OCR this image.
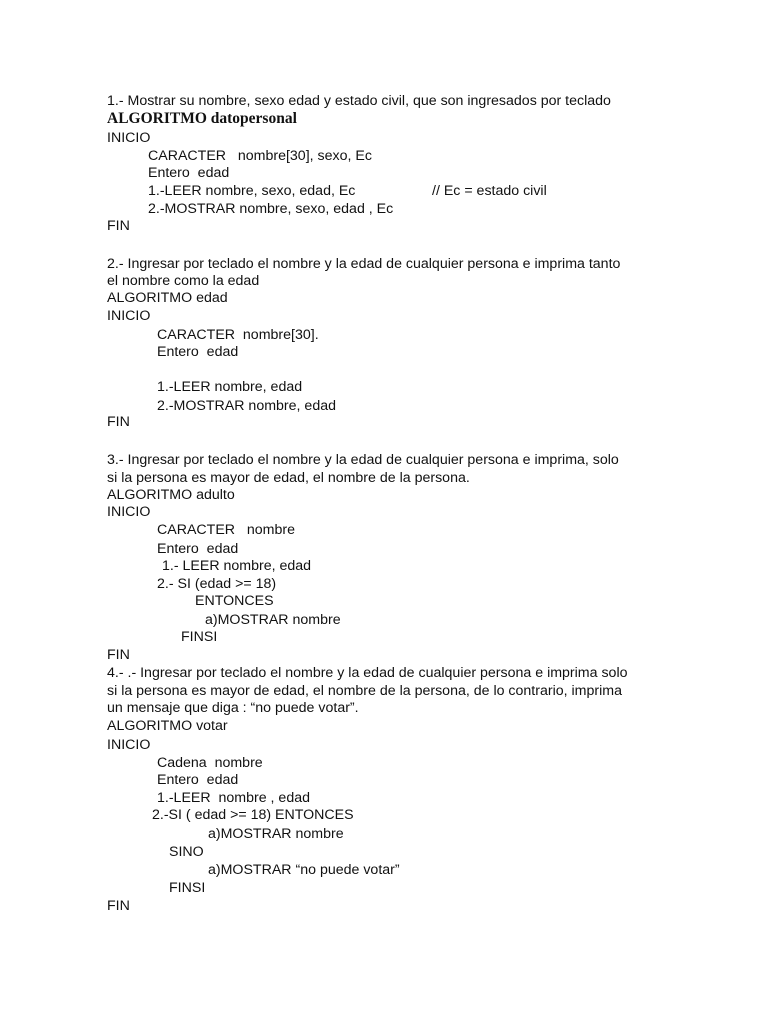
1.- Mostrar su nombre, sexo edad y estado civil, que son ingresados por teclado
ALGORITMO datopersonal
INICIO
CARACTER   nombre[30], sexo, Ec
Entero  edad
1.-LEER nombre, sexo, edad, Ec	// Ec = estado civil
2.-MOSTRAR nombre, sexo, edad , Ec
FIN
2.- Ingresar por teclado el nombre y la edad de cualquier persona e imprima tanto
el nombre como la edad
ALGORITMO edad
INICIO
CARACTER  nombre[30].
Entero  edad
1.-LEER nombre, edad
2.-MOSTRAR nombre, edad
FIN
3.- Ingresar por teclado el nombre y la edad de cualquier persona e imprima, solo
si la persona es mayor de edad, el nombre de la persona.
ALGORITMO adulto
INICIO
CARACTER   nombre
Entero  edad
1.- LEER nombre, edad
2.- SI (edad >= 18)
ENTONCES
a)MOSTRAR nombre
FINSI
FIN
4.- .- Ingresar por teclado el nombre y la edad de cualquier persona e imprima solo
si la persona es mayor de edad, el nombre de la persona, de lo contrario, imprima
un mensaje que diga : “no puede votar”.
ALGORITMO votar
INICIO
Cadena  nombre
Entero  edad
1.-LEER  nombre , edad
2.-SI ( edad >= 18) ENTONCES
a)MOSTRAR nombre
SINO
a)MOSTRAR “no puede votar”
FINSI
FIN
